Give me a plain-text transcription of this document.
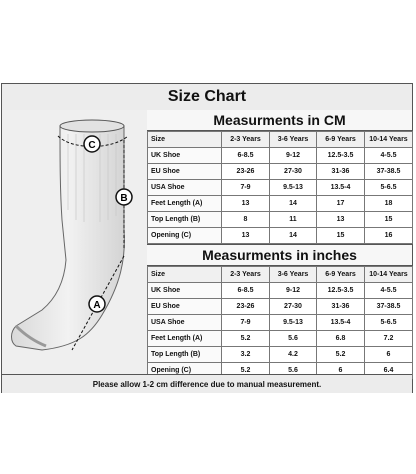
Size Chart
C
B
A
Measurments in CM
Size	2-3 Years	3-6 Years	6-9 Years	10-14 Years
UK Shoe	6-8.5	9-12	12.5-3.5	4-5.5
EU Shoe	23-26	27-30	31-36	37-38.5
USA Shoe	7-9	9.5-13	13.5-4	5-6.5
Feet Length (A)	13	14	17	18
Top Length (B)	8	11	13	15
Opening (C)	13	14	15	16
Measurments in inches
Size	2-3 Years	3-6 Years	6-9 Years	10-14 Years
UK Shoe	6-8.5	9-12	12.5-3.5	4-5.5
EU Shoe	23-26	27-30	31-36	37-38.5
USA Shoe	7-9	9.5-13	13.5-4	5-6.5
Feet Length (A)	5.2	5.6	6.8	7.2
Top Length (B)	3.2	4.2	5.2	6
Opening (C)	5.2	5.6	6	6.4
Please allow 1-2 cm difference due to manual measurement.
